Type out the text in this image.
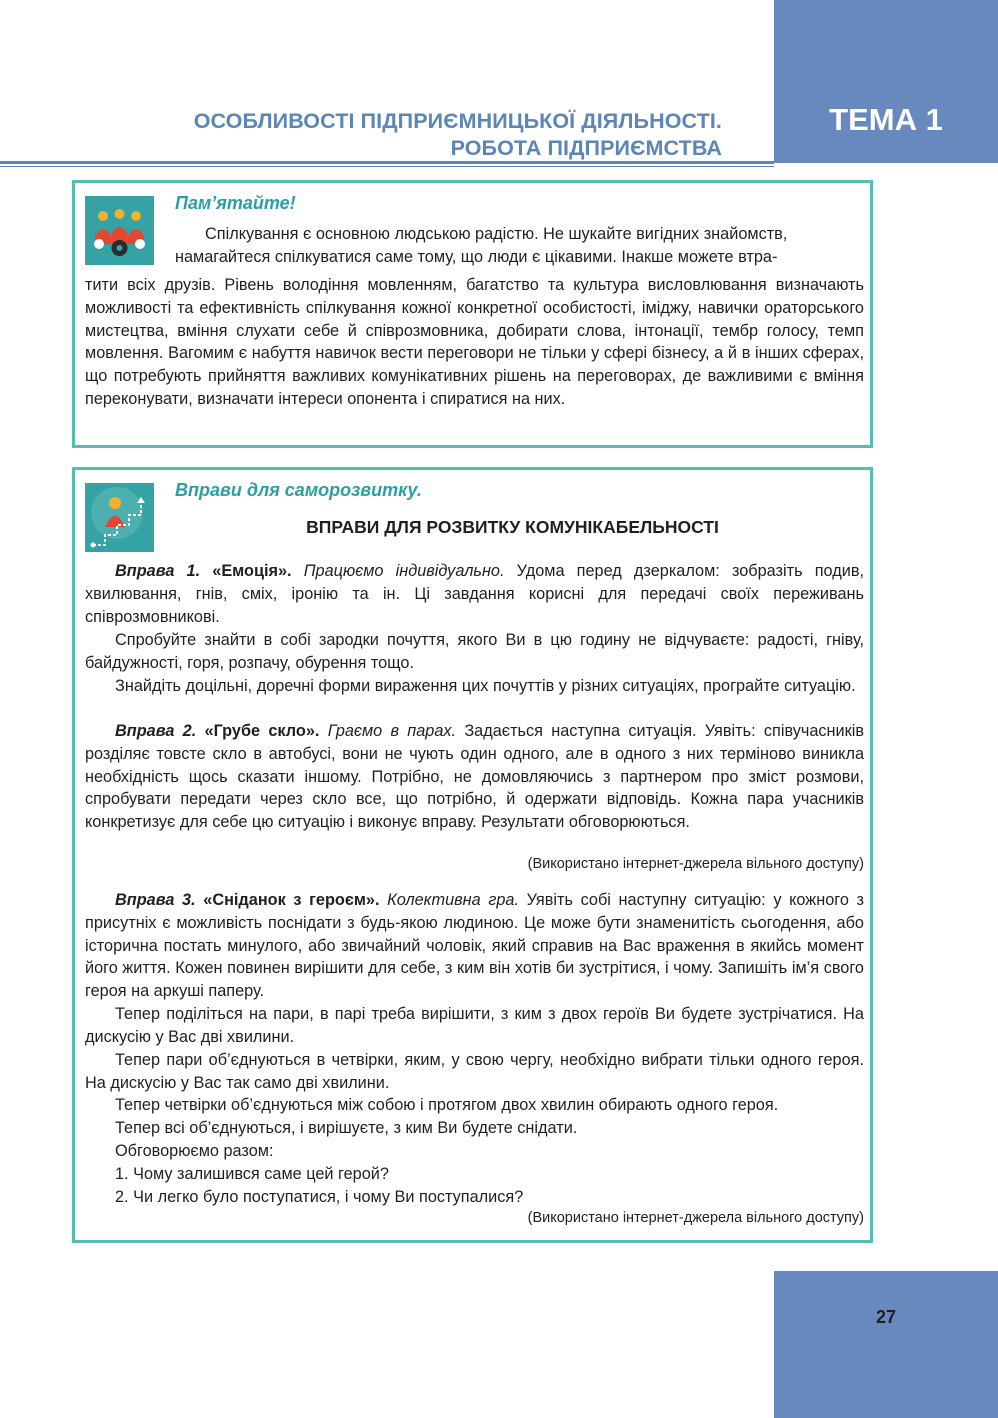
ОСОБЛИВОСТІ ПІДПРИЄМНИЦЬКОЇ ДІЯЛЬНОСТІ.
РОБОТА ПІДПРИЄМСТВА
ТЕМА 1
Пам’ятайте!

Спілкування є основною людською радістю. Не шукайте вигідних знайомств,

намагайтеся спілкуватися саме тому, що люди є цікавими. Інакше можете втра-

тити всіх друзів. Рівень володіння мовленням, багатство та культура висловлювання визначають можливості та ефективність спілкування кожної конкретної особистості, іміджу, навички ораторського мистецтва, вміння слухати себе й співрозмовника, добирати слова, інтонації, тембр голосу, темп мовлення. Вагомим є набуття навичок вести переговори не тільки у сфері бізнесу, а й в інших сферах, що потребують прийняття важливих комунікативних рішень на переговорах, де важливими є вміння переконувати, визначати інтереси опонента і спиратися на них.

Вправи для саморозвитку.
ВПРАВИ ДЛЯ РОЗВИТКУ КОМУНІКАБЕЛЬНОСТІ

Вправа 1. «Емоція». Працюємо індивідуально. Удома перед дзеркалом: зобразіть подив, хвилювання, гнів, сміх, іронію та ін. Ці завдання корисні для передачі своїх переживань співрозмовникові.

Спробуйте знайти в собі зародки почуття, якого Ви в цю годину не відчуваєте: радості, гніву, байдужності, горя, розпачу, обурення тощо.

Знайдіть доцільні, доречні форми вираження цих почуттів у різних ситуаціях, програйте ситуацію.

Вправа 2. «Грубе скло». Граємо в парах. Задається наступна ситуація. Уявіть: співучасників розділяє товсте скло в автобусі, вони не чують один одного, але в одного з них терміново виникла необхідність щось сказати іншому. Потрібно, не домовляючись з партнером про зміст розмови, спробувати передати через скло все, що потрібно, й одержати відповідь. Кожна пара учасників конкретизує для себе цю ситуацію і виконує вправу. Результати обговорюються.

(Використано інтернет-джерела вільного доступу)

Вправа 3. «Сніданок з героєм». Колективна гра. Уявіть собі наступну ситуацію: у кожного з присутніх є можливість поснідати з будь-якою людиною. Це може бути знаменитість сьогодення, або історична постать минулого, або звичайний чоловік, який справив на Вас враження в якийсь момент його життя. Кожен повинен вирішити для себе, з ким він хотів би зустрітися, і чому. Запишіть ім’я свого героя на аркуші паперу.

Тепер поділіться на пари, в парі треба вирішити, з ким з двох героїв Ви будете зустрічатися. На дискусію у Вас дві хвилини.

Тепер пари об’єднуються в четвірки, яким, у свою чергу, необхідно вибрати тільки одного героя. На дискусію у Вас так само дві хвилини.

Тепер четвірки об’єднуються між собою і протягом двох хвилин обирають одного героя.

Тепер всі об’єднуються, і вирішуєте, з ким Ви будете снідати.

Обговорюємо разом:

1. Чому залишився саме цей герой?

2. Чи легко було поступатися, і чому Ви поступалися?

(Використано інтернет-джерела вільного доступу)
27
